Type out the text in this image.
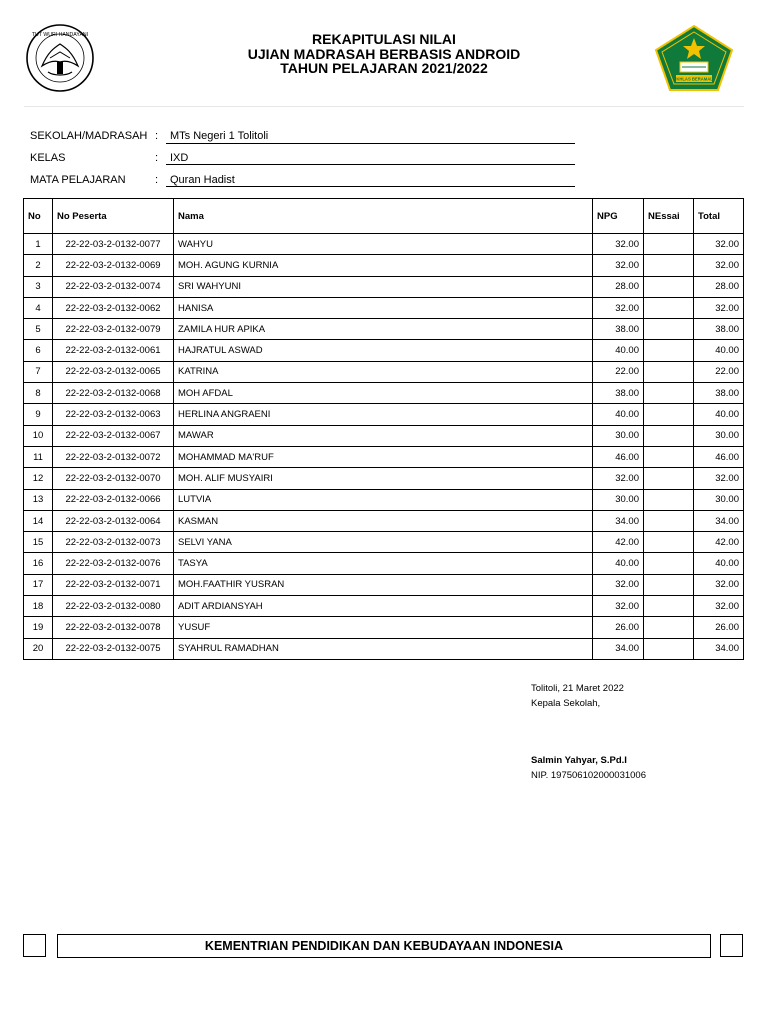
TUT WURI HANDAYANI	REKAPITULASI NILAI
UJIAN MADRASAH BERBASIS ANDROID
TAHUN PELAJARAN 2021/2022
IKHLAS BERAMAL
SEKOLAH/MADRASAH : MTs Negeri 1 Tolitoli
KELAS	: IXD
MATA PELAJARAN	: Quran Hadist
No	No Peserta	Nama	NPG	NEssai	Total
1	22-22-03-2-0132-0077	WAHYU	32.00		32.00
2	22-22-03-2-0132-0069	MOH. AGUNG KURNIA	32.00		32.00
3	22-22-03-2-0132-0074	SRI WAHYUNI	28.00		28.00
4	22-22-03-2-0132-0062	HANISA	32.00		32.00
5	22-22-03-2-0132-0079	ZAMILA HUR APIKA	38.00		38.00
6	22-22-03-2-0132-0061	HAJRATUL ASWAD	40.00		40.00
7	22-22-03-2-0132-0065	KATRINA	22.00		22.00
8	22-22-03-2-0132-0068	MOH AFDAL	38.00		38.00
9	22-22-03-2-0132-0063	HERLINA ANGRAENI	40.00		40.00
10	22-22-03-2-0132-0067	MAWAR	30.00		30.00
11	22-22-03-2-0132-0072	MOHAMMAD MA'RUF	46.00		46.00
12	22-22-03-2-0132-0070	MOH. ALIF MUSYAIRI	32.00		32.00
13	22-22-03-2-0132-0066	LUTVIA	30.00		30.00
14	22-22-03-2-0132-0064	KASMAN	34.00		34.00
15	22-22-03-2-0132-0073	SELVI YANA	42.00		42.00
16	22-22-03-2-0132-0076	TASYA	40.00		40.00
17	22-22-03-2-0132-0071	MOH.FAATHIR YUSRAN	32.00		32.00
18	22-22-03-2-0132-0080	ADIT ARDIANSYAH	32.00		32.00
19	22-22-03-2-0132-0078	YUSUF	26.00		26.00
20	22-22-03-2-0132-0075	SYAHRUL RAMADHAN	34.00		34.00
Tolitoli, 21 Maret 2022
Kepala Sekolah,
Salmin Yahyar, S.Pd.I
NIP. 197506102000031006
KEMENTRIAN PENDIDIKAN DAN KEBUDAYAAN INDONESIA
